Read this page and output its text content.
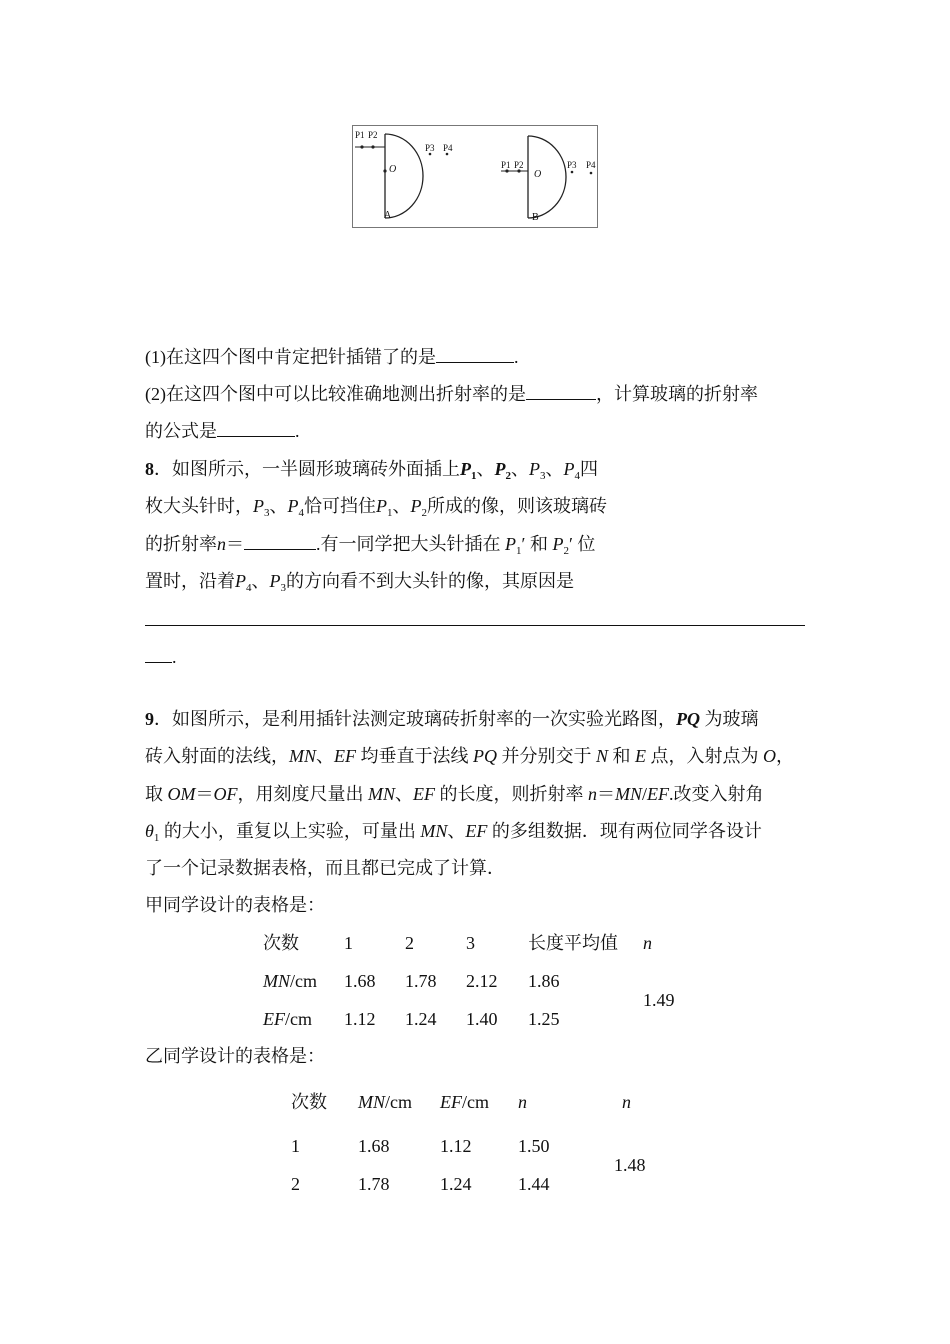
P1 P2
P3 P4
O
A
P1 P2	P3 P4
O
B
(1)在这四个图中肯定把针插错了的是	.
(2)在这四个图中可以比较准确地测出折射率的是	，计算玻璃的折射率
的公式是	.
8．如图所示，一半圆形玻璃砖外面插上$P_1$、$P_2$、$P_3$、$P_4$四
枚大头针时，$P_3$、$P_4$恰可挡住$P_1$、$P_2$所成的像，则该玻璃砖
的折射率n＝	.有一同学把大头针插在 $P_1'$ 和 $P_2'$ 位
置时，沿着$P_4$、$P_3$的方向看不到大头针的像，其原因是
.
9．如图所示，是利用插针法测定玻璃砖折射率的一次实验光路图，PQ 为玻璃
砖入射面的法线，MN、EF 均垂直于法线 PQ 并分别交于 N 和 E 点，入射点为 O，
取 OM＝OF，用刻度尺量出 MN、EF 的长度，则折射率 n＝MN/EF.改变入射角
$\theta_1$ 的大小，重复以上实验，可量出 MN、EF 的多组数据．现有两位同学各设计
了一个记录数据表格，而且都已完成了计算．
甲同学设计的表格是：
次数	1	2	3	长度平均值 n
MN/cm 1.68 1.78 2.12 1.86
1.49
EF/cm 1.12 1.24 1.40 1.25
乙同学设计的表格是：
次数 MN/cm EF/cm n	n
1	1.68	1.12	1.50
1.48
2	1.78	1.24	1.44
